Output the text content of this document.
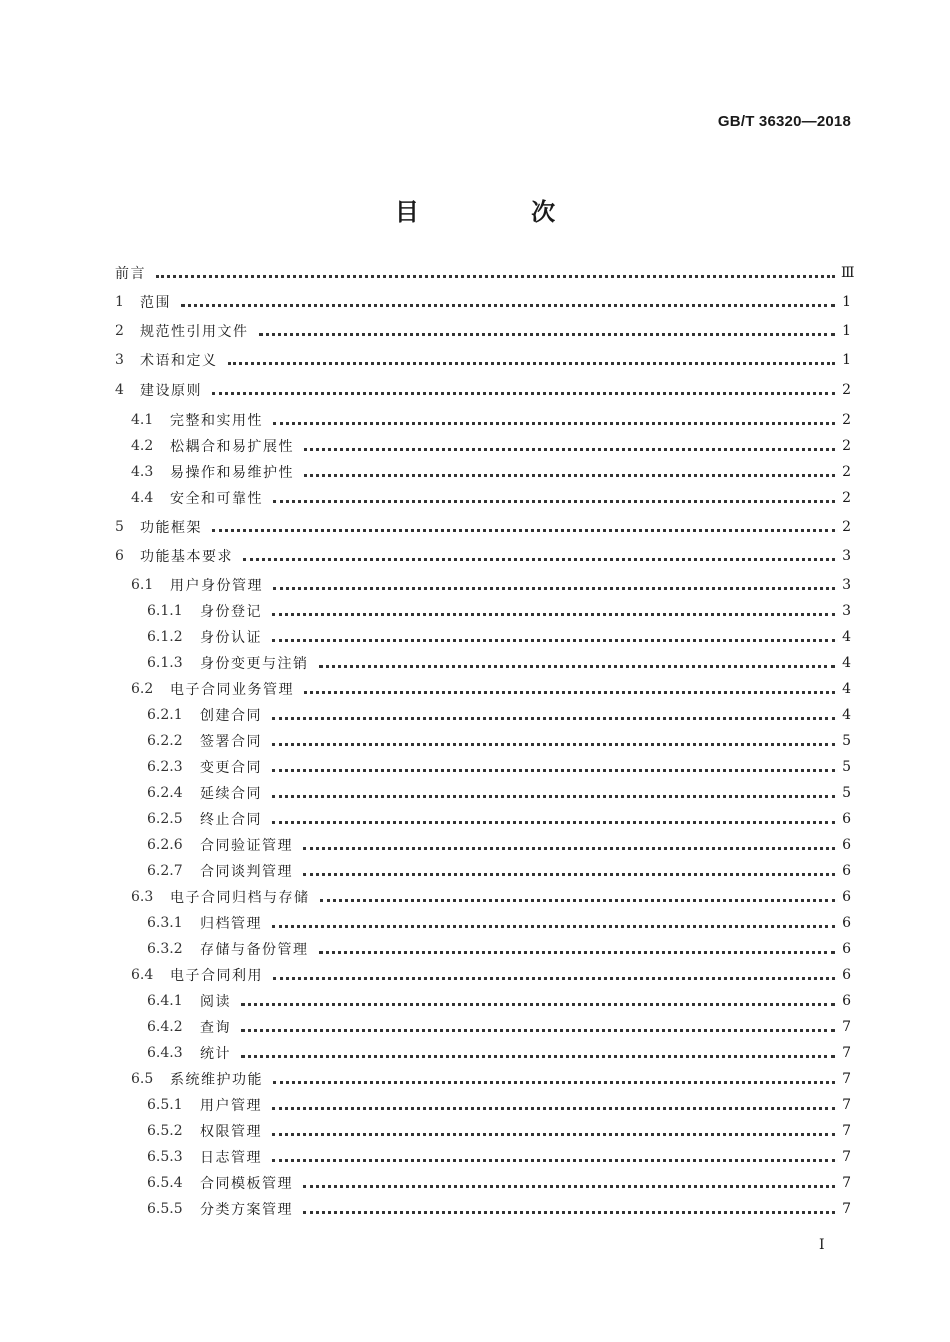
GB/T 36320—2018
目 次
前言	Ⅲ
1	范围	1
2	规范性引用文件	1
3	术语和定义	1
4	建设原则	2
4.1	完整和实用性	2
4.2	松耦合和易扩展性	2
4.3	易操作和易维护性	2
4.4	安全和可靠性	2
5	功能框架	2
6	功能基本要求	3
6.1	用户身份管理	3
6.1.1	身份登记	3
6.1.2	身份认证	4
6.1.3	身份变更与注销	4
6.2	电子合同业务管理	4
6.2.1	创建合同	4
6.2.2	签署合同	5
6.2.3	变更合同	5
6.2.4	延续合同	5
6.2.5	终止合同	6
6.2.6	合同验证管理	6
6.2.7	合同谈判管理	6
6.3	电子合同归档与存储	6
6.3.1	归档管理	6
6.3.2	存储与备份管理	6
6.4	电子合同利用	6
6.4.1	阅读	6
6.4.2	查询	7
6.4.3	统计	7
6.5	系统维护功能	7
6.5.1	用户管理	7
6.5.2	权限管理	7
6.5.3	日志管理	7
6.5.4	合同模板管理	7
6.5.5	分类方案管理	7
I
